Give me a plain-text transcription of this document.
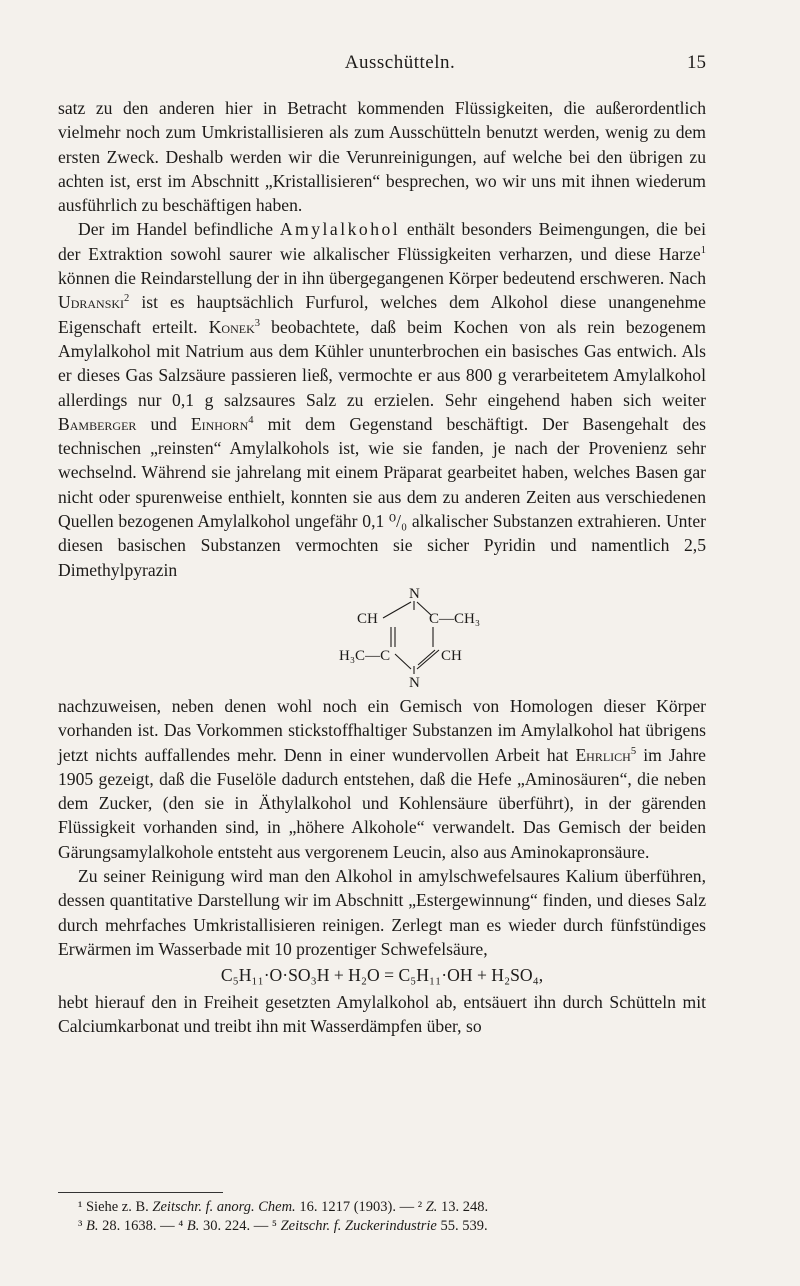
Ausschütteln.	15

satz zu den anderen hier in Betracht kommenden Flüssigkeiten, die außerordentlich vielmehr noch zum Umkristallisieren als zum Ausschütteln benutzt werden, wenig zu dem ersten Zweck. Deshalb werden wir die Verunreinigungen, auf welche bei den übrigen zu achten ist, erst im Abschnitt „Kristallisieren“ besprechen, wo wir uns mit ihnen wiederum ausführlich zu beschäftigen haben.

Der im Handel befindliche Amylalkohol enthält besonders Beimengungen, die bei der Extraktion sowohl saurer wie alkalischer Flüssigkeiten verharzen, und diese Harze$^1$ können die Reindarstellung der in ihn übergegangenen Körper bedeutend erschweren. Nach Udranski$^2$ ist es hauptsächlich Furfurol, welches dem Alkohol diese unangenehme Eigenschaft erteilt. Konek$^3$ beobachtete, daß beim Kochen von als rein bezogenem Amylalkohol mit Natrium aus dem Kühler ununterbrochen ein basisches Gas entwich. Als er dieses Gas Salzsäure passieren ließ, vermochte er aus 800 g verarbeitetem Amylalkohol allerdings nur 0,1 g salzsaures Salz zu erzielen. Sehr eingehend haben sich weiter Bamberger und Einhorn$^4$ mit dem Gegenstand beschäftigt. Der Basengehalt des technischen „reinsten“ Amylalkohols ist, wie sie fanden, je nach der Provenienz sehr wechselnd. Während sie jahrelang mit einem Präparat gearbeitet haben, welches Basen gar nicht oder spurenweise enthielt, konnten sie aus dem zu anderen Zeiten aus verschiedenen Quellen bezogenen Amylalkohol ungefähr 0,1 ⁰/₀ alkalischer Substanzen extrahieren. Unter diesen basischen Substanzen vermochten sie sicher Pyridin und namentlich 2,5 Dimethylpyrazin

N
CH	C—CH₃
H₃C—C	CH
N

nachzuweisen, neben denen wohl noch ein Gemisch von Homologen dieser Körper vorhanden ist. Das Vorkommen stickstoffhaltiger Substanzen im Amylalkohol hat übrigens jetzt nichts auffallendes mehr. Denn in einer wundervollen Arbeit hat Ehrlich$^5$ im Jahre 1905 gezeigt, daß die Fuselöle dadurch entstehen, daß die Hefe „Aminosäuren“, die neben dem Zucker, (den sie in Äthylalkohol und Kohlensäure überführt), in der gärenden Flüssigkeit vorhanden sind, in „höhere Alkohole“ verwandelt. Das Gemisch der beiden Gärungsamylalkohole entsteht aus vergorenem Leucin, also aus Aminokapronsäure.

Zu seiner Reinigung wird man den Alkohol in amylschwefelsaures Kalium überführen, dessen quantitative Darstellung wir im Abschnitt „Estergewinnung“ finden, und dieses Salz durch mehrfaches Umkristallisieren reinigen. Zerlegt man es wieder durch fünfstündiges Erwärmen im Wasserbade mit 10 prozentiger Schwefelsäure,

C₅H₁₁·O·SO₃H + H₂O = C₅H₁₁·OH + H₂SO₄,

hebt hierauf den in Freiheit gesetzten Amylalkohol ab, entsäuert ihn durch Schütteln mit Calciumkarbonat und treibt ihn mit Wasserdämpfen über, so

¹ Siehe z. B. Zeitschr. f. anorg. Chem. 16. 1217 (1903). — ² Z. 13. 248.
³ B. 28. 1638. — ⁴ B. 30. 224. — ⁵ Zeitschr. f. Zuckerindustrie 55. 539.
